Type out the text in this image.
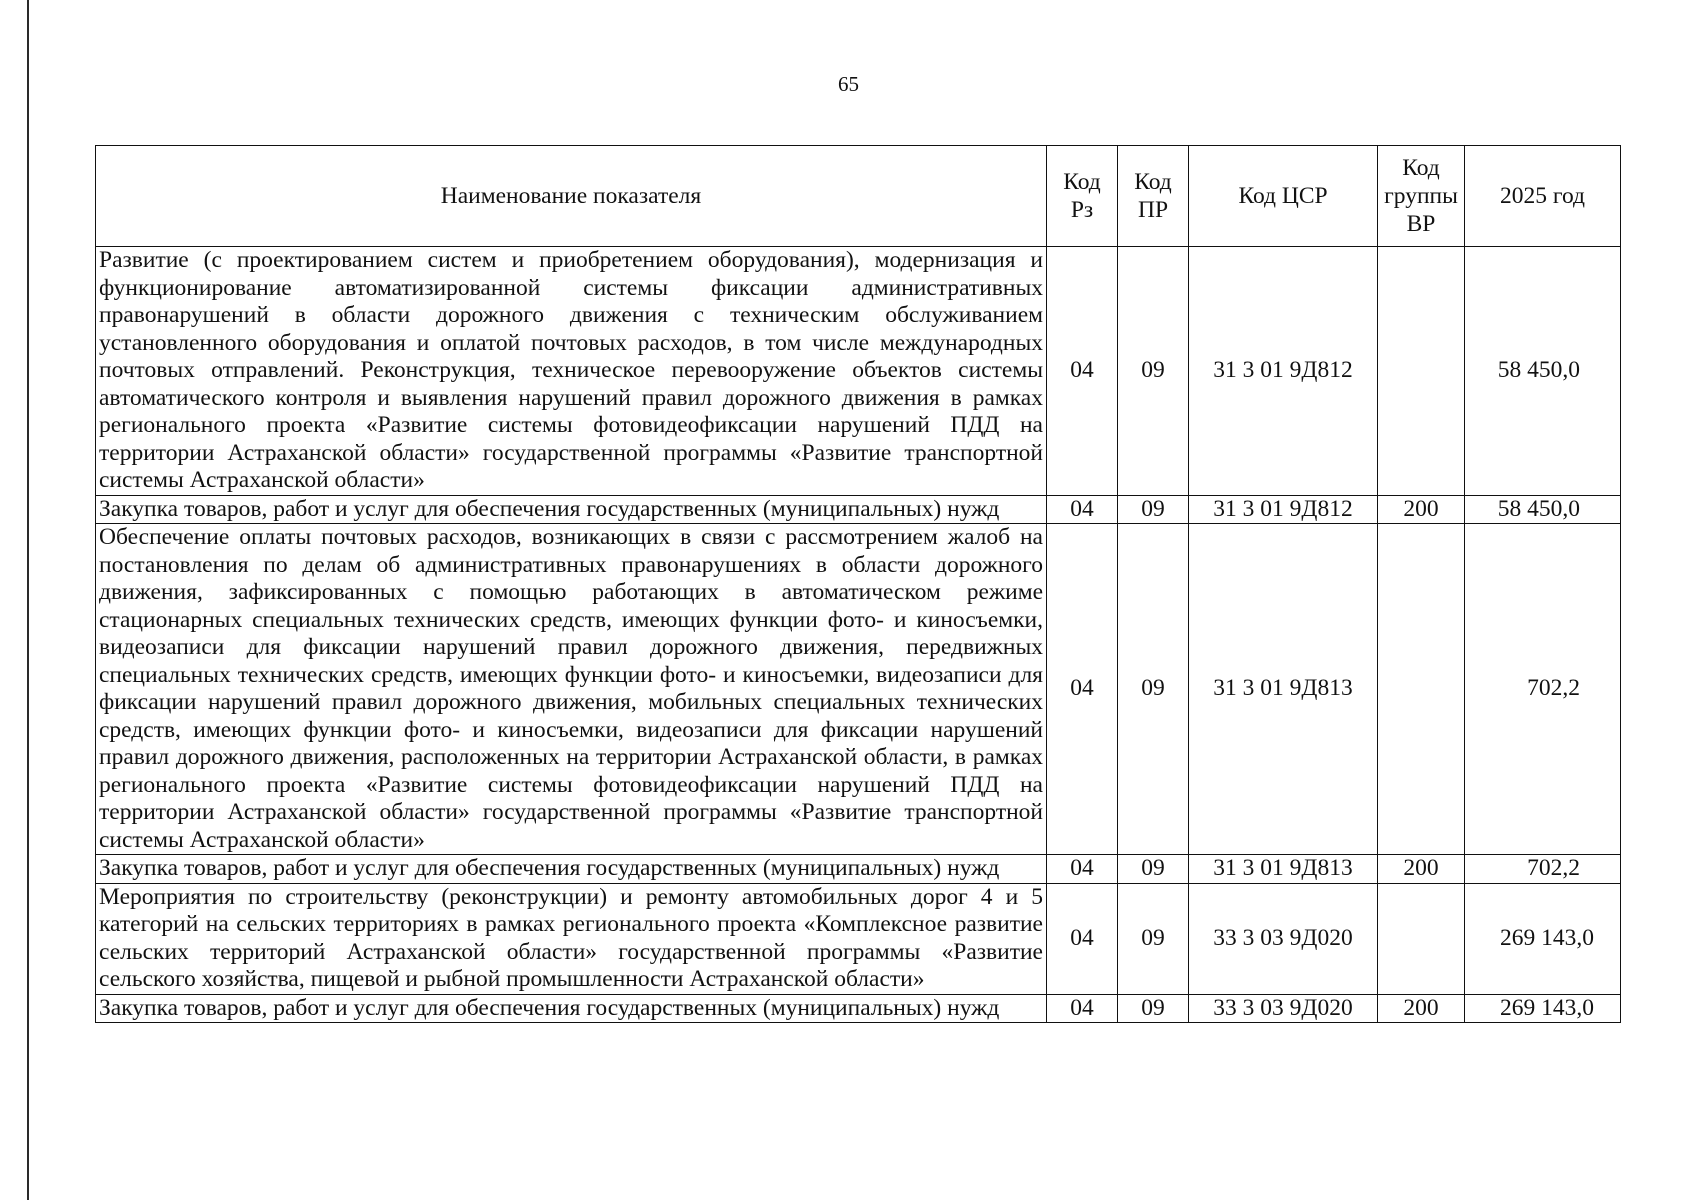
65
Наименование показателя	Код Рз	Код ПР	Код ЦСР	Код группы ВР	2025 год
Развитие (с проектированием систем и приобретением оборудования), модернизация и функционирование автоматизированной системы фиксации административных правонарушений в области дорожного движения с техническим обслуживанием установленного оборудования и оплатой почтовых расходов, в том числе международных почтовых отправлений. Реконструкция, техническое перевооружение объектов системы автоматического контроля и выявления нарушений правил дорожного движения в рамках регионального проекта «Развитие системы фотовидеофиксации нарушений ПДД на территории Астраханской области» государственной программы «Развитие транспортной системы Астраханской области»	04	09	31 3 01 9Д812		58 450,0
Закупка товаров, работ и услуг для обеспечения государственных (муниципальных) нужд	04	09	31 3 01 9Д812	200	58 450,0
Обеспечение оплаты почтовых расходов, возникающих в связи с рассмотрением жалоб на постановления по делам об административных правонарушениях в области дорожного движения, зафиксированных с помощью работающих в автоматическом режиме стационарных специальных технических средств, имеющих функции фото- и киносъемки, видеозаписи для фиксации нарушений правил дорожного движения, передвижных специальных технических средств, имеющих функции фото- и киносъемки, видеозаписи для фиксации нарушений правил дорожного движения, мобильных специальных технических средств, имеющих функции фото- и киносъемки, видеозаписи для фиксации нарушений правил дорожного движения, расположенных на территории Астраханской области, в рамках регионального проекта «Развитие системы фотовидеофиксации нарушений ПДД на территории Астраханской области» государственной программы «Развитие транспортной системы Астраханской области»	04	09	31 3 01 9Д813		702,2
Закупка товаров, работ и услуг для обеспечения государственных (муниципальных) нужд	04	09	31 3 01 9Д813	200	702,2
Мероприятия по строительству (реконструкции) и ремонту автомобильных дорог 4 и 5 категорий на сельских территориях в рамках регионального проекта «Комплексное развитие сельских территорий Астраханской области» государственной программы «Развитие сельского хозяйства, пищевой и рыбной промышленности Астраханской области»	04	09	33 3 03 9Д020		269 143,0
Закупка товаров, работ и услуг для обеспечения государственных (муниципальных) нужд	04	09	33 3 03 9Д020	200	269 143,0
